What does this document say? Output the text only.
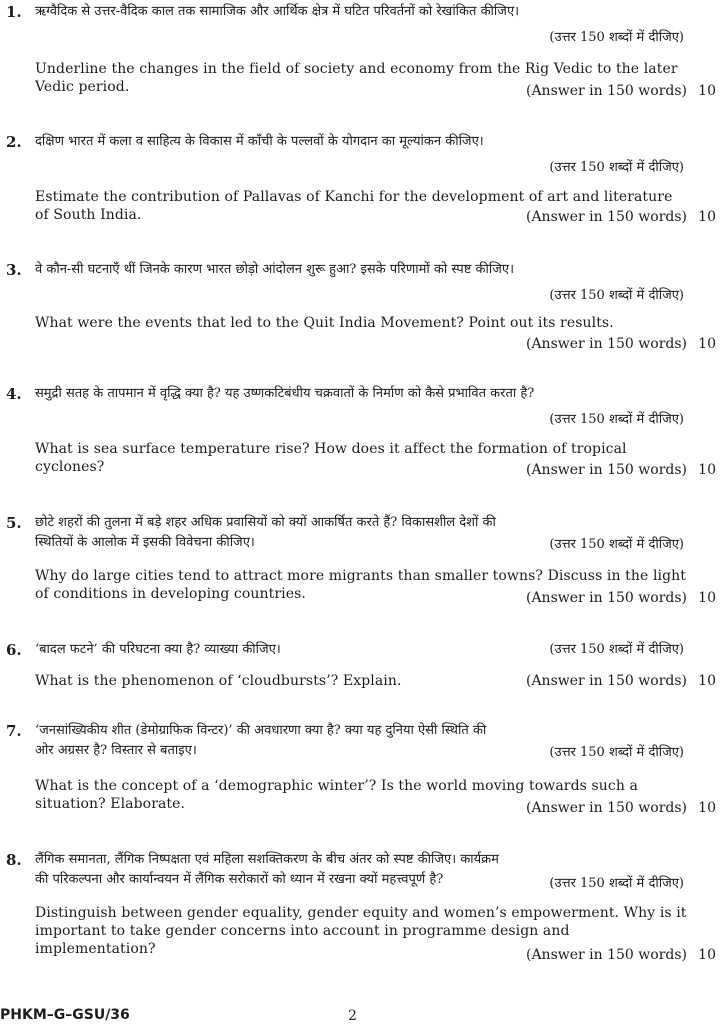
1. ऋग्वैदिक से उत्तर-वैदिक काल तक सामाजिक और आर्थिक क्षेत्र में घटित परिवर्तनों को रेखांकित कीजिए।
(उत्तर 150 शब्दों में दीजिए)
Underline the changes in the field of society and economy from the Rig Vedic to the later Vedic period.	(Answer in 150 words) 10
2. दक्षिण भारत में कला व साहित्य के विकास में काँची के पल्लवों के योगदान का मूल्यांकन कीजिए।
(उत्तर 150 शब्दों में दीजिए)
Estimate the contribution of Pallavas of Kanchi for the development of art and literature of South India.	(Answer in 150 words) 10
3. वे कौन-सी घटनाएँ थीं जिनके कारण भारत छोड़ो आंदोलन शुरू हुआ? इसके परिणामों को स्पष्ट कीजिए।
(उत्तर 150 शब्दों में दीजिए)
What were the events that led to the Quit India Movement? Point out its results.
(Answer in 150 words) 10
4. समुद्री सतह के तापमान में वृद्धि क्या है? यह उष्णकटिबंधीय चक्रवातों के निर्माण को कैसे प्रभावित करता है?
(उत्तर 150 शब्दों में दीजिए)
What is sea surface temperature rise? How does it affect the formation of tropical cyclones?	(Answer in 150 words) 10
5. छोटे शहरों की तुलना में बड़े शहर अधिक प्रवासियों को क्यों आकर्षित करते हैं? विकासशील देशों की स्थितियों के आलोक में इसकी विवेचना कीजिए।	(उत्तर 150 शब्दों में दीजिए)
Why do large cities tend to attract more migrants than smaller towns? Discuss in the light of conditions in developing countries.	(Answer in 150 words) 10
6. ‘बादल फटने’ की परिघटना क्या है? व्याख्या कीजिए।	(उत्तर 150 शब्दों में दीजिए)
What is the phenomenon of ‘cloudbursts’? Explain.	(Answer in 150 words) 10
7. ‘जनसांख्यिकीय शीत (डेमोग्राफिक विन्टर)’ की अवधारणा क्या है? क्या यह दुनिया ऐसी स्थिति की ओर अग्रसर है? विस्तार से बताइए।	(उत्तर 150 शब्दों में दीजिए)
What is the concept of a ‘demographic winter’? Is the world moving towards such a situation? Elaborate.	(Answer in 150 words) 10
8. लैंगिक समानता, लैंगिक निष्पक्षता एवं महिला सशक्तिकरण के बीच अंतर को स्पष्ट कीजिए। कार्यक्रम की परिकल्पना और कार्यान्वयन में लैंगिक सरोकारों को ध्यान में रखना क्यों महत्त्वपूर्ण है?	(उत्तर 150 शब्दों में दीजिए)
Distinguish between gender equality, gender equity and women’s empowerment. Why is it important to take gender concerns into account in programme design and implementation?	(Answer in 150 words) 10
PHKM–G–GSU/36	2
